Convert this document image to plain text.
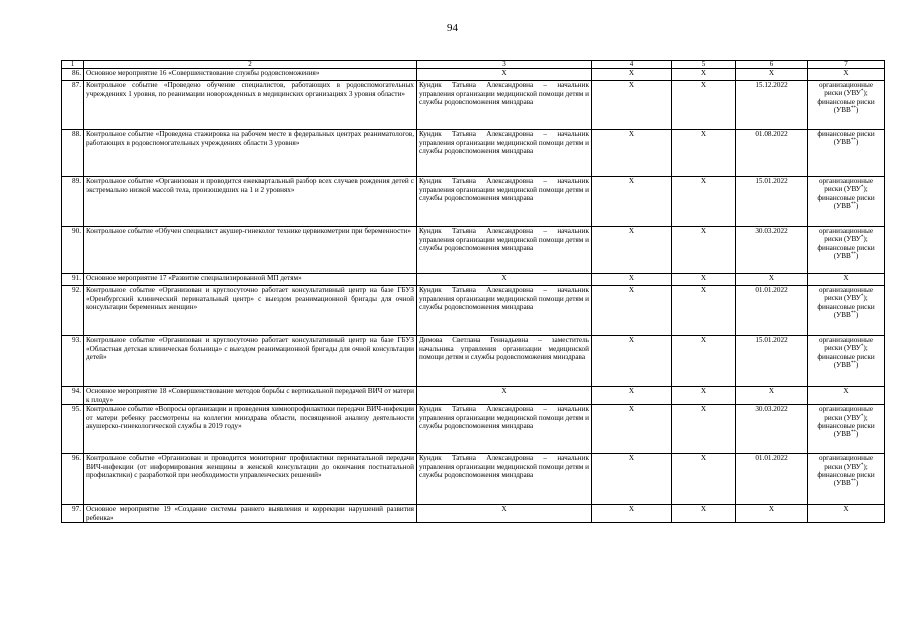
94
1	2	3	4	5	6	7
86.	Основное мероприятие 16 «Совершенствование службы родовспоможения»	X	X	X	X	X
87.	Контрольное событие «Проведено обучение специалистов, работающих в родовспомогательных учреждениях 1 уровня, по реанимации новорожденных в медицинских организациях 3 уровня области»	Кундик Татьяна Александровна – начальник управления организации медицинской помощи детям и службы родовспоможения минздрава	X	X	15.12.2022	организационные риски (УВУ*); финансовые риски (УВВ**)
88.	Контрольное событие «Проведена стажировка на рабочем месте в федеральных центрах реаниматологов, работающих в родовспомогательных учреждениях области 3 уровня»	Кундик Татьяна Александровна – начальник управления организации медицинской помощи детям и службы родовспоможения минздрава	X	X	01.08.2022	финансовые риски (УВВ**)
89.	Контрольное событие «Организован и проводится ежеквартальный разбор всех случаев рождения детей с экстремально низкой массой тела, произошедших на 1 и 2 уровнях»	Кундик Татьяна Александровна – начальник управления организации медицинской помощи детям и службы родовспоможения минздрава	X	X	15.01.2022	организационные риски (УВУ*); финансовые риски (УВВ**)
90.	Контрольное событие «Обучен специалист акушер-гинеколог технике цервикометрии при беременности»	Кундик Татьяна Александровна – начальник управления организации медицинской помощи детям и службы родовспоможения минздрава	X	X	30.03.2022	организационные риски (УВУ*); финансовые риски (УВВ**)
91.	Основное мероприятие 17 «Развитие специализированной МП детям»	X	X	X	X	X
92.	Контрольное событие «Организован и круглосуточно работает консультативный центр на базе ГБУЗ «Оренбургский клинический перинатальный центр» с выездом реанимационной бригады для очной консультации беременных женщин»	Кундик Татьяна Александровна – начальник управления организации медицинской помощи детям и службы родовспоможения минздрава	X	X	01.01.2022	организационные риски (УВУ*); финансовые риски (УВВ**)
93.	Контрольное событие «Организован и круглосуточно работает консультативный центр на базе ГБУЗ «Областная детская клиническая больница» с выездом реанимационной бригады для очной консультации детей»	Димова Светлана Геннадьевна – заместитель начальника управления организации медицинской помощи детям и службы родовспоможения минздрава	X	X	15.01.2022	организационные риски (УВУ*); финансовые риски (УВВ**)
94.	Основное мероприятие 18 «Совершенствование методов борьбы с вертикальной передачей ВИЧ от матери к плоду»	X	X	X	X	X
95.	Контрольное событие «Вопросы организации и проведения химиопрофилактики передачи ВИЧ-инфекции от матери ребенку рассмотрены на коллегии минздрава области, посвященной анализу деятельности акушерско-гинекологической службы в 2019 году»	Кундик Татьяна Александровна – начальник управления организации медицинской помощи детям и службы родовспоможения минздрава	X	X	30.03.2022	организационные риски (УВУ*); финансовые риски (УВВ**)
96.	Контрольное событие «Организован и проводится мониторинг профилактики перинатальной передачи ВИЧ-инфекции (от информирования женщины в женской консультации до окончания постнатальной профилактики) с разработкой при необходимости управленческих решений»	Кундик Татьяна Александровна – начальник управления организации медицинской помощи детям и службы родовспоможения минздрава	X	X	01.01.2022	организационные риски (УВУ*); финансовые риски (УВВ**)
97.	Основное мероприятие 19 «Создание системы раннего выявления и коррекции нарушений развития ребенка»	X	X	X	X	X
